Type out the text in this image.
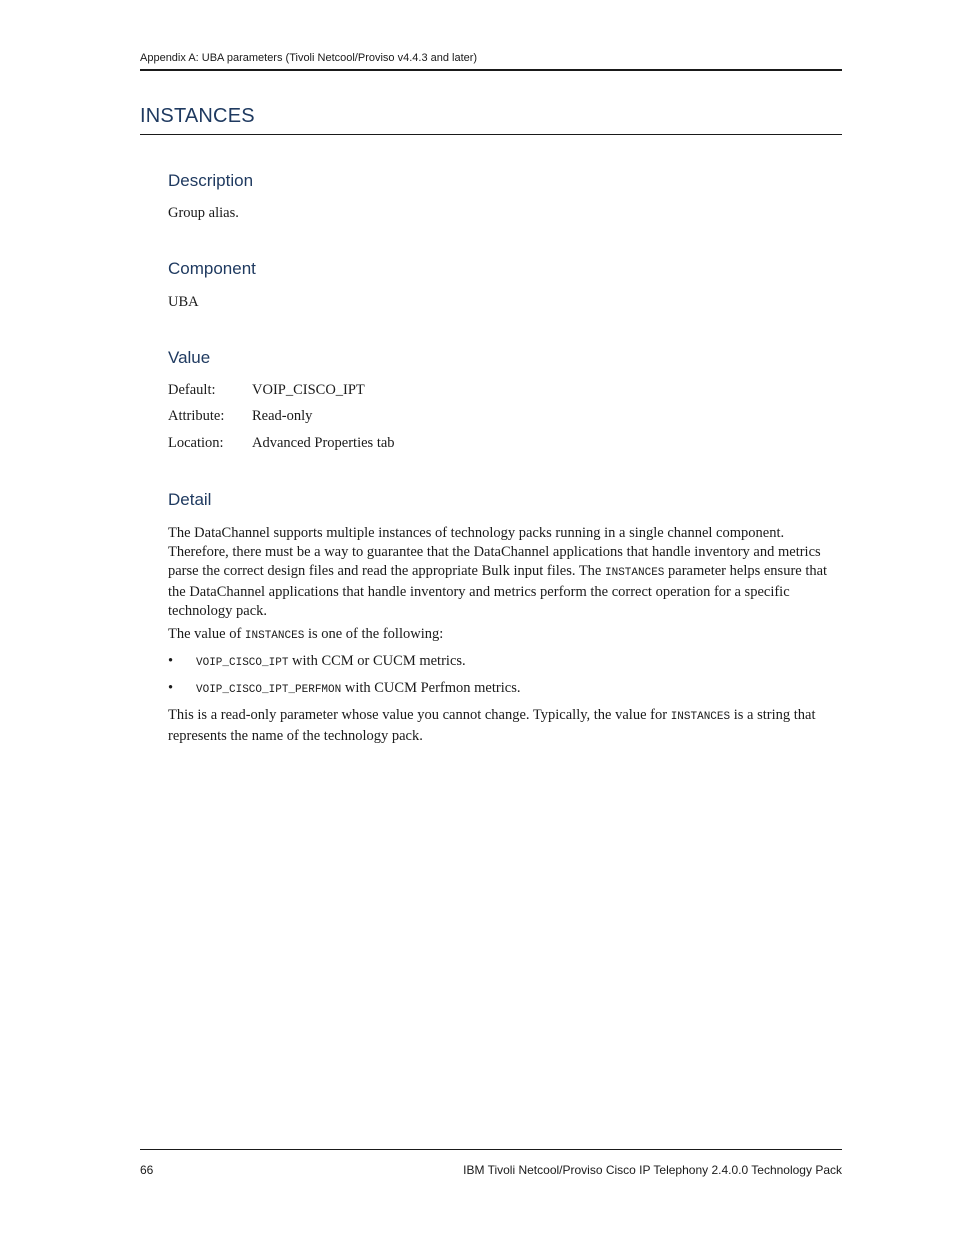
Appendix A: UBA parameters (Tivoli Netcool/Proviso v4.4.3 and later)
INSTANCES
Description
Group alias.
Component
UBA
Value
Default:	VOIP_CISCO_IPT
Attribute:	Read-only
Location:	Advanced Properties tab
Detail
The DataChannel supports multiple instances of technology packs running in a single channel component. Therefore, there must be a way to guarantee that the DataChannel applications that handle inventory and metrics parse the correct design files and read the appropriate Bulk input files. The INSTANCES parameter helps ensure that the DataChannel applications that handle inventory and metrics perform the correct operation for a specific technology pack.
The value of INSTANCES is one of the following:
•	VOIP_CISCO_IPT with CCM or CUCM metrics.
•	VOIP_CISCO_IPT_PERFMON with CUCM Perfmon metrics.
This is a read-only parameter whose value you cannot change. Typically, the value for INSTANCES is a string that represents the name of the technology pack.
66	IBM Tivoli Netcool/Proviso Cisco IP Telephony 2.4.0.0 Technology Pack
